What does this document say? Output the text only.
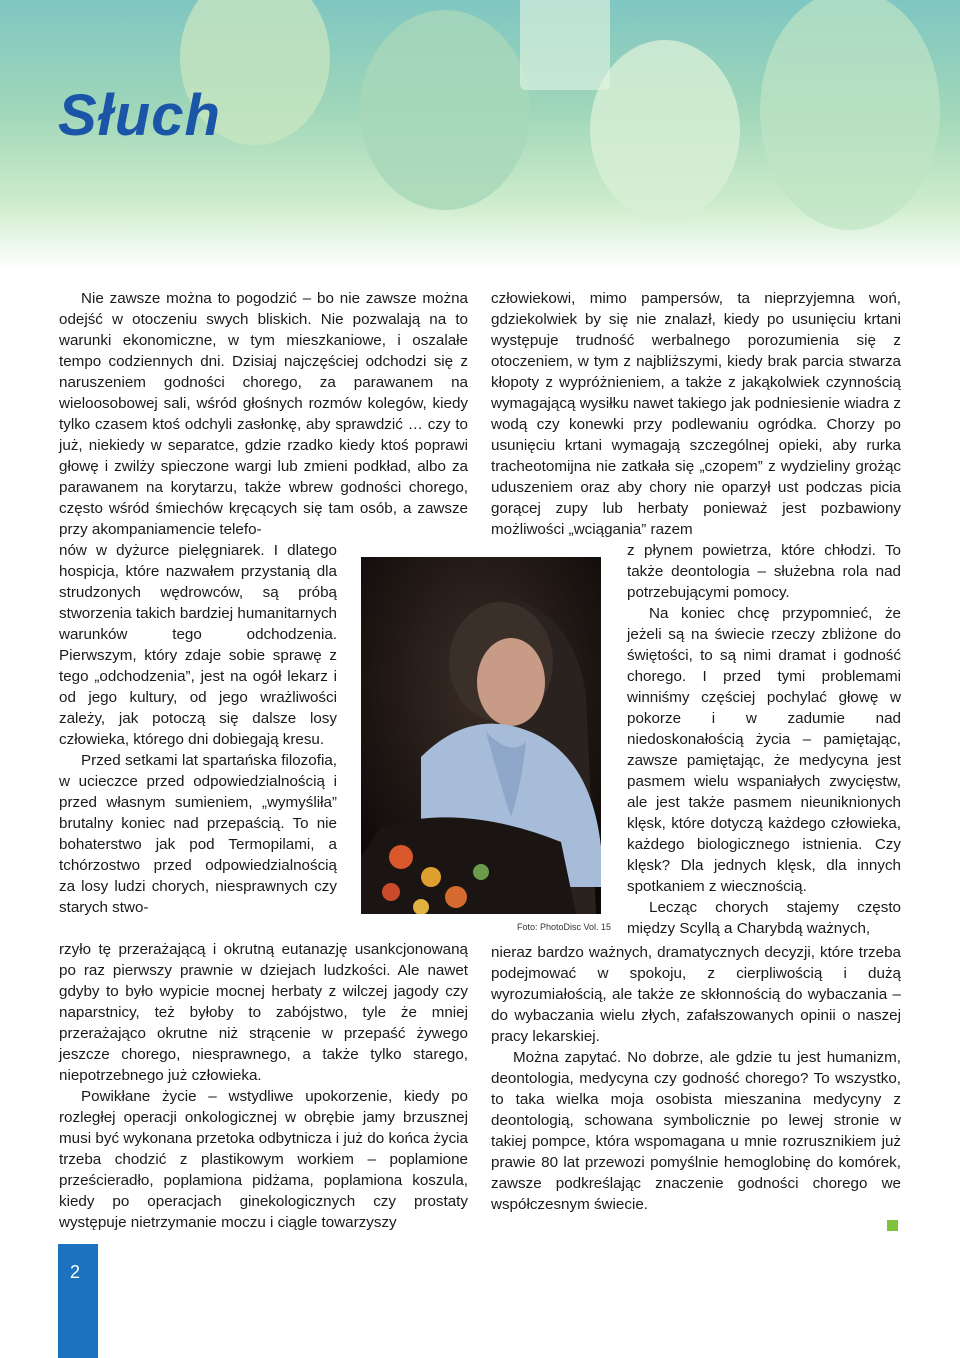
Słuch

Nie zawsze można to pogodzić – bo nie zawsze można odejść w otoczeniu swych bliskich. Nie pozwalają na to warunki ekonomiczne, w tym mieszkaniowe, i oszalałe tempo codziennych dni. Dzisiaj najczęściej odchodzi się z naruszeniem godności chorego, za parawanem na wieloosobowej sali, wśród głośnych rozmów kolegów, kiedy tylko czasem ktoś odchyli zasłonkę, aby sprawdzić … czy to już, niekiedy w separatce, gdzie rzadko kiedy ktoś poprawi głowę i zwilży spieczone wargi lub zmieni podkład, albo za parawanem na korytarzu, także wbrew godności chorego, często wśród śmiechów kręcących się tam osób, a zawsze przy akompaniamencie telefo-

nów w dyżurce pielęgniarek. I dlatego hospicja, które nazwałem przystanią dla strudzonych wędrowców, są próbą stworzenia takich bardziej humanitarnych warunków tego odchodzenia. Pierwszym, który zdaje sobie sprawę z tego „odchodzenia”, jest na ogół lekarz i od jego kultury, od jego wrażliwości zależy, jak potoczą się dalsze losy człowieka, którego dni dobiegają kresu.

Przed setkami lat spartańska filozofia, w ucieczce przed odpowiedzialnością i przed własnym sumieniem, „wymyśliła” brutalny koniec nad przepaścią. To nie bohaterstwo jak pod Termopilami, a tchórzostwo przed odpowiedzialnością za losy ludzi chorych, niesprawnych czy starych stwo-

rzyło tę przerażającą i okrutną eutanazję usankcjonowaną po raz pierwszy prawnie w dziejach ludzkości. Ale nawet gdyby to było wypicie mocnej herbaty z wilczej jagody czy naparstnicy, też byłoby to zabójstwo, tyle że mniej przerażająco okrutne niż strącenie w przepaść żywego jeszcze chorego, niesprawnego, a także tylko starego, niepotrzebnego już człowieka.

Powikłane życie – wstydliwe upokorzenie, kiedy po rozległej operacji onkologicznej w obrębie jamy brzusznej musi być wykonana przetoka odbytnicza i już do końca życia trzeba chodzić z plastikowym workiem – poplamione prześcieradło, poplamiona pidżama, poplamiona koszula, kiedy po operacjach ginekologicznych czy prostaty występuje nietrzymanie moczu i ciągle towarzyszy

człowiekowi, mimo pampersów, ta nieprzyjemna woń, gdziekolwiek by się nie znalazł, kiedy po usunięciu krtani występuje trudność werbalnego porozumienia się z otoczeniem, w tym z najbliższymi, kiedy brak parcia stwarza kłopoty z wypróżnieniem, a także z jakąkolwiek czynnością wymagającą wysiłku nawet takiego jak podniesienie wiadra z wodą czy konewki przy podlewaniu ogródka. Chorzy po usunięciu krtani wymagają szczególnej opieki, aby rurka tracheotomijna nie zatkała się „czopem” z wydzieliny grożąc uduszeniem oraz aby chory nie oparzył ust podczas picia gorącej zupy lub herbaty ponieważ jest pozbawiony możliwości „wciągania” razem

z płynem powietrza, które chłodzi. To także deontologia – służebna rola nad potrzebującymi pomocy.

Na koniec chcę przypomnieć, że jeżeli są na świecie rzeczy zbliżone do świętości, to są nimi dramat i godność chorego. I przed tymi problemami winniśmy częściej pochylać głowę w pokorze i w zadumie nad niedoskonałością życia – pamiętając, zawsze pamiętając, że medycyna jest pasmem wielu wspaniałych zwycięstw, ale jest także pasmem nieuniknionych klęsk, które dotyczą każdego człowieka, każdego biologicznego istnienia. Czy klęsk? Dla jednych klęsk, dla innych spotkaniem z wiecznością.

Lecząc chorych stajemy często między Scyllą a Charybdą ważnych,

nieraz bardzo ważnych, dramatycznych decyzji, które trzeba podejmować w spokoju, z cierpliwością i dużą wyrozumiałością, ale także ze skłonnością do wybaczania – do wybaczania wielu złych, zafałszowanych opinii o naszej pracy lekarskiej.

Można zapytać. No dobrze, ale gdzie tu jest humanizm, deontologia, medycyna czy godność chorego? To wszystko, to taka wielka moja osobista mieszanina medycyny z deontologią, schowana symbolicznie po lewej stronie w takiej pompce, która wspomagana u mnie rozrusznikiem już prawie 80 lat przewozi pomyślnie hemoglobinę do komórek, zawsze podkreślając znaczenie godności chorego we współczesnym świecie.

Foto: PhotoDisc Vol. 15
2
